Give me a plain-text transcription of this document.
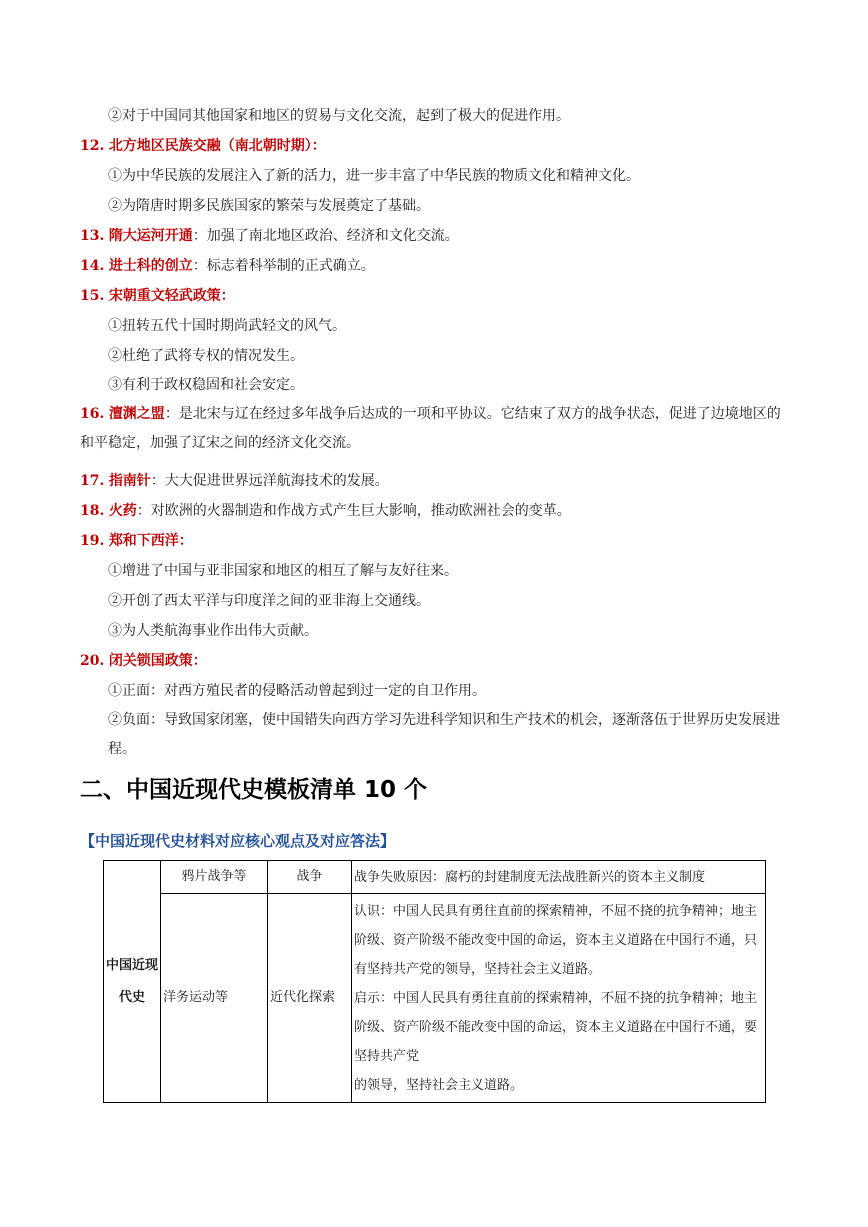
②对于中国同其他国家和地区的贸易与文化交流，起到了极大的促进作用。
12. 北方地区民族交融（南北朝时期）：
①为中华民族的发展注入了新的活力，进一步丰富了中华民族的物质文化和精神文化。
②为隋唐时期多民族国家的繁荣与发展奠定了基础。
13. 隋大运河开通：加强了南北地区政治、经济和文化交流。
14. 进士科的创立：标志着科举制的正式确立。
15. 宋朝重文轻武政策：
①扭转五代十国时期尚武轻文的风气。
②杜绝了武将专权的情况发生。
③有利于政权稳固和社会安定。
16. 澶渊之盟：是北宋与辽在经过多年战争后达成的一项和平协议。它结束了双方的战争状态，促进了边境地区的和平稳定，加强了辽宋之间的经济文化交流。
17. 指南针：大大促进世界远洋航海技术的发展。
18. 火药：对欧洲的火器制造和作战方式产生巨大影响，推动欧洲社会的变革。
19. 郑和下西洋：
①增进了中国与亚非国家和地区的相互了解与友好往来。
②开创了西太平洋与印度洋之间的亚非海上交通线。
③为人类航海事业作出伟大贡献。
20. 闭关锁国政策：
①正面：对西方殖民者的侵略活动曾起到过一定的自卫作用。
②负面：导致国家闭塞，使中国错失向西方学习先进科学知识和生产技术的机会，逐渐落伍于世界历史发展进程。
二、中国近现代史模板清单 10 个
【中国近现代史材料对应核心观点及对应答法】
中国近现代史	鸦片战争等	战争	战争失败原因：腐朽的封建制度无法战胜新兴的资本主义制度
	洋务运动等	近代化探索	认识：中国人民具有勇往直前的探索精神，不屈不挠的抗争精神；地主阶级、资产阶级不能改变中国的命运，资本主义道路在中国行不通，只有坚持共产党的领导，坚持社会主义道路。
启示：中国人民具有勇往直前的探索精神，不屈不挠的抗争精神；地主阶级、资产阶级不能改变中国的命运，资本主义道路在中国行不通，要坚持共产党
的领导，坚持社会主义道路。
